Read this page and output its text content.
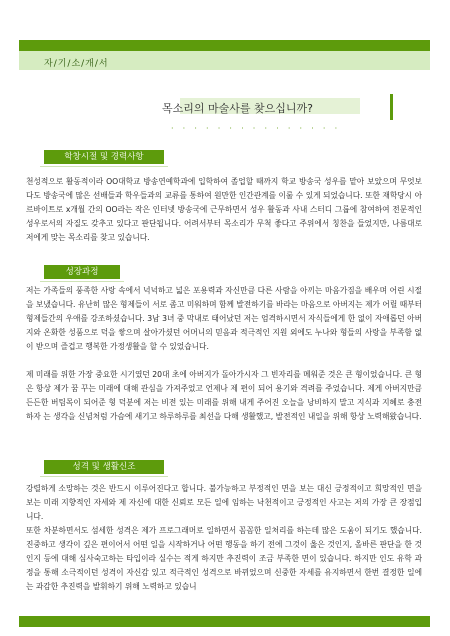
OO 순우원 재무 - OOO
자/기/소/개/서
목소리의 마술사를 찾으십니까?
· · · · · · · · · · · · · · ·
학창시절 및 경력사항

천성적으로 활동적이라 OO대학교 방송연예학과에 입학하여 졸업할 때까지 학교 방송국 성우를 맡아 보았으며 무엇보다도 방송국에 많은 선배들과 학우들과의 교류를 통하여 원만한 인간관계를 이룰 수 있게 되었습니다. 또한 재학당시 아르바이트로 x개월 간의 OO라는 작은 인터넷 방송국에 근무하면서 성우 활동과 사내 스터디 그룹에 참여하여 전문적인 성우로서의 자질도 갖추고 있다고 판단됩니다. 어려서부터 목소리가 무척 좋다고 주위에서 칭찬을 들었지만, 나름대로 저에게 맞는 목소리를 찾고 있습니다.

성장과정

저는 가족들의 풍족한 사랑 속에서 넉넉하고 넓은 포용력과 자신만큼 다른 사람을 아끼는 마음가짐을 배우며 어린 시절을 보냈습니다. 유난히 많은 형제들이 서로 좀고 미워하며 함께 발전하기를 바라는 마음으로 아버지는 제가 어릴 때부터 형제들간의 우애를 강조하셨습니다. 3남 3녀 중 막내로 태어났던 저는 엄격하시면서 자식들에게 한 없이 자애롭던 아버지와 온화한 성품으로 덕을 쌓으며 살아가셨던 어머니의 믿음과 적극적인 지원 외에도 누나와 형들의 사랑을 부족함 없이 받으며 즐겁고 행복한 가정생활을 할 수 있었습니다.

제 미래를 위한 가장 중요한 시기였던 20대 초에 아버지가 돌아가시자 그 빈자리를 메워준 것은 큰 형이었습니다. 큰 형은 항상 제가 꿈 꾸는 미래에 대해 관심을 가져주었고 언제나 제 편이 되어 용기와 격려를 주었습니다. 제게 아버지만큼 든든한 버팀목이 되어준 형 덕분에 저는 비전 있는 미래를 위해 내게 주어진 오늘을 낭비하지 말고 지식과 지혜로 충전하자 는 생각을 신념처럼 가슴에 새기고 하루하루를 최선을 다해 생활했고, 발전적인 내일을 위해 항상 노력해왔습니다.

성격 및 생활신조

강렬하게 소망하는 것은 반드시 이루어진다고 합니다. 불가능하고 부정적인 면을 보는 대신 긍정적이고 희망적인 면을 보는 미래 지향적인 자세와 제 자신에 대한 신뢰로 모든 일에 임하는 낙천적이고 긍정적인 사고는 저의 가장 큰 장점입니다.

또한 차분하면서도 섬세한 성격은 제가 프로그래머로 일하면서 꼼꼼한 일처리를 하는데 많은 도움이 되기도 했습니다. 진중하고 생각이 깊은 편이어서 어떤 일을 시작하거나 어떤 행동을 하기 전에 그것이 옳은 것인지, 올바른 판단을 한 것인지 등에 대해 심사숙고하는 타입이라 실수는 적게 하지만 추진력이 조금 부족한 면이 있습니다. 하지만 인도 유학 과정을 통해 소극적이던 성격이 자신감 있고 적극적인 성격으로 바뀌었으며 신중한 자세를 유지하면서 한번 결정한 일에는 과감한 추진력을 발휘하기 위해 노력하고 있습니
